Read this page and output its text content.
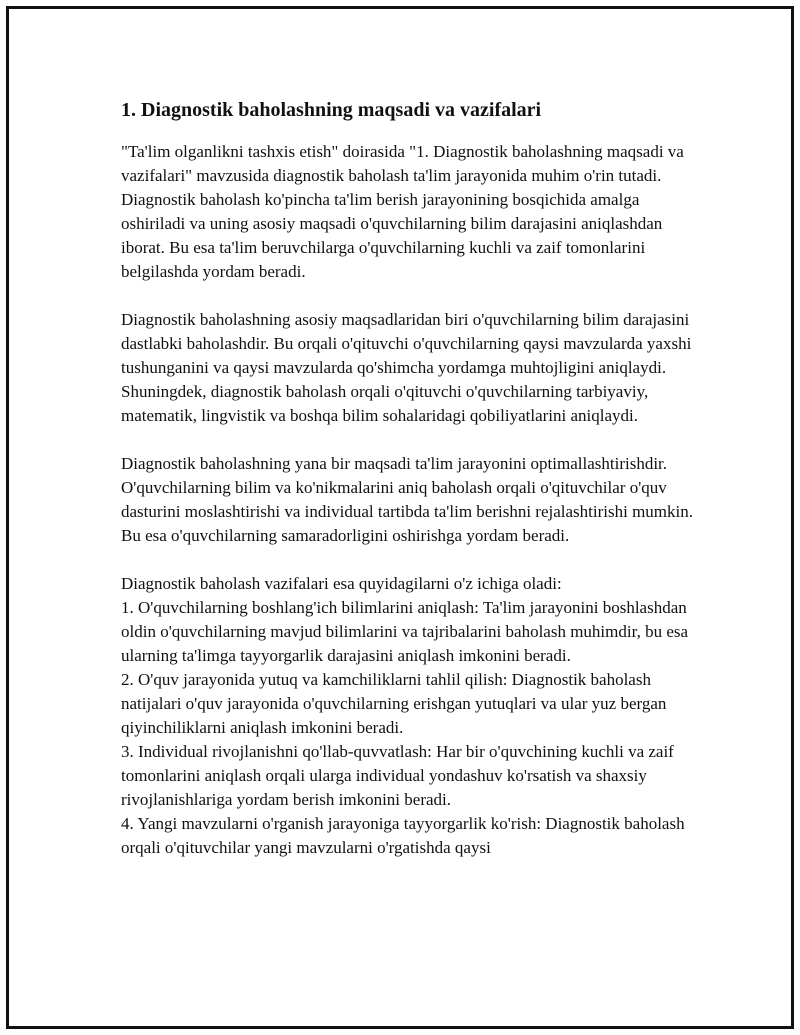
1. Diagnostik baholashning maqsadi va vazifalari

"Ta'lim olganlikni tashxis etish" doirasida "1. Diagnostik baholashning maqsadi va vazifalari" mavzusida diagnostik baholash ta'lim jarayonida muhim o'rin tutadi. Diagnostik baholash ko'pincha ta'lim berish jarayonining bosqichida amalga oshiriladi va uning asosiy maqsadi o'quvchilarning bilim darajasini aniqlashdan iborat. Bu esa ta'lim beruvchilarga o'quvchilarning kuchli va zaif tomonlarini belgilashda yordam beradi.

Diagnostik baholashning asosiy maqsadlaridan biri o'quvchilarning bilim darajasini dastlabki baholashdir. Bu orqali o'qituvchi o'quvchilarning qaysi mavzularda yaxshi tushunganini va qaysi mavzularda qo'shimcha yordamga muhtojligini aniqlaydi. Shuningdek, diagnostik baholash orqali o'qituvchi o'quvchilarning tarbiyaviy, matematik, lingvistik va boshqa bilim sohalaridagi qobiliyatlarini aniqlaydi.

Diagnostik baholashning yana bir maqsadi ta'lim jarayonini optimallashtirishdir. O'quvchilarning bilim va ko'nikmalarini aniq baholash orqali o'qituvchilar o'quv dasturini moslashtirishi va individual tartibda ta'lim berishni rejalashtirishi mumkin. Bu esa o'quvchilarning samaradorligini oshirishga yordam beradi.

Diagnostik baholash vazifalari esa quyidagilarni o'z ichiga oladi:

1. O'quvchilarning boshlang'ich bilimlarini aniqlash: Ta'lim jarayonini boshlashdan oldin o'quvchilarning mavjud bilimlarini va tajribalarini baholash muhimdir, bu esa ularning ta'limga tayyorgarlik darajasini aniqlash imkonini beradi.

2. O'quv jarayonida yutuq va kamchiliklarni tahlil qilish: Diagnostik baholash natijalari o'quv jarayonida o'quvchilarning erishgan yutuqlari va ular yuz bergan qiyinchiliklarni aniqlash imkonini beradi.

3. Individual rivojlanishni qo'llab-quvvatlash: Har bir o'quvchining kuchli va zaif tomonlarini aniqlash orqali ularga individual yondashuv ko'rsatish va shaxsiy rivojlanishlariga yordam berish imkonini beradi.

4. Yangi mavzularni o'rganish jarayoniga tayyorgarlik ko'rish: Diagnostik baholash orqali o'qituvchilar yangi mavzularni o'rgatishda qaysi
